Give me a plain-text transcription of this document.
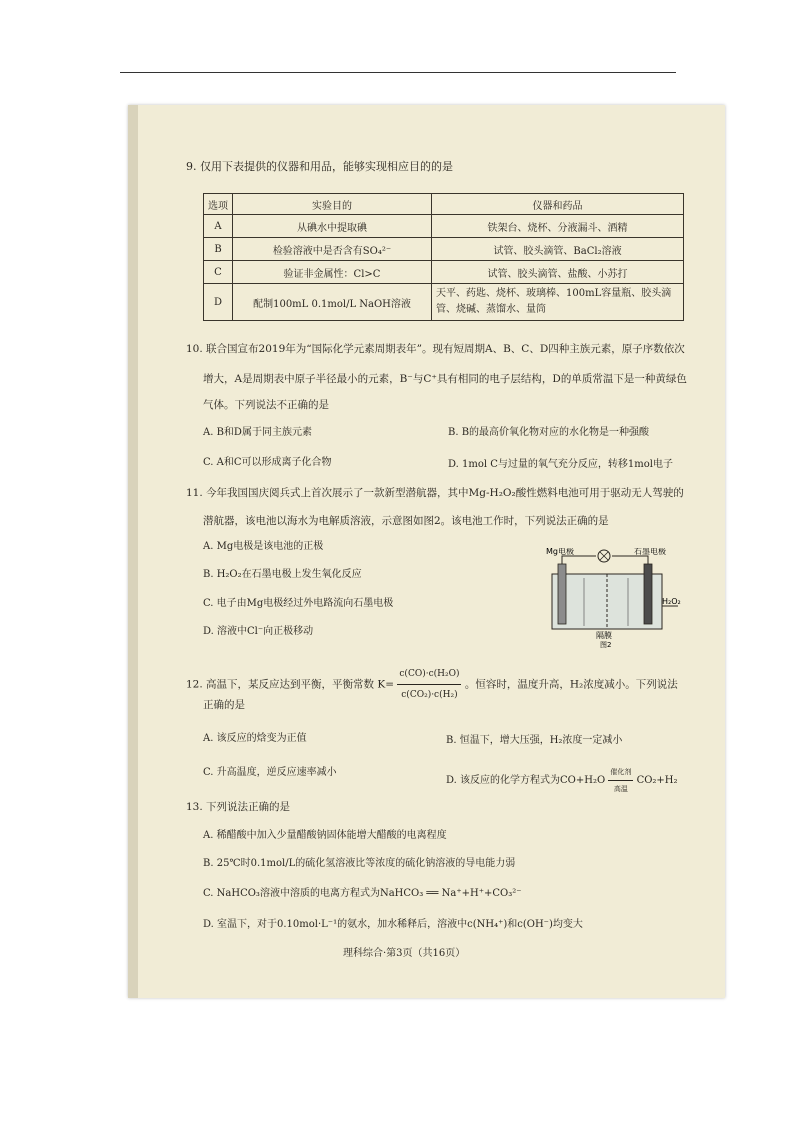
9. 仅用下表提供的仪器和用品，能够实现相应目的的是
选项	实验目的	仪器和药品
A	从碘水中提取碘	铁架台、烧杯、分液漏斗、酒精
B	检验溶液中是否含有SO₄²⁻	试管、胶头滴管、BaCl₂溶液
C	验证非金属性：Cl>C	试管、胶头滴管、盐酸、小苏打
D	配制100mL 0.1mol/L NaOH溶液	天平、药匙、烧杯、玻璃棒、100mL容量瓶、胶头滴管、烧碱、蒸馏水、量筒
10. 联合国宣布2019年为“国际化学元素周期表年”。现有短周期A、B、C、D四种主族元素，原子序数依次
增大，A是周期表中原子半径最小的元素，B⁻与C⁺具有相同的电子层结构，D的单质常温下是一种黄绿色
气体。下列说法不正确的是
A. B和D属于同主族元素	B. B的最高价氧化物对应的水化物是一种强酸
C. A和C可以形成离子化合物	D. 1mol C与过量的氧气充分反应，转移1mol电子
11. 今年我国国庆阅兵式上首次展示了一款新型潜航器，其中Mg-H₂O₂酸性燃料电池可用于驱动无人驾驶的
潜航器，该电池以海水为电解质溶液，示意图如图2。该电池工作时，下列说法正确的是
A. Mg电极是该电池的正极
B. H₂O₂在石墨电极上发生氧化反应
C. 电子由Mg电极经过外电路流向石墨电极
D. 溶液中Cl⁻向正极移动
Mg电极	石墨电极
H₂O₂
隔膜
图2
12. 高温下，某反应达到平衡，平衡常数 $K= \frac{\text{c(CO)·c(H₂O)}}{\text{c(CO₂)·c(H₂)}}$ 。恒容时，温度升高，H₂浓度减小。下列说法
正确的是
A. 该反应的焓变为正值	B. 恒温下，增大压强，H₂浓度一定减小
C. 升高温度，逆反应速率减小
D. 该反应的化学方程式为$CO+H_2O \frac{\text{催化剂}}{\text{高温}} CO_2+H_2$
13. 下列说法正确的是
A. 稀醋酸中加入少量醋酸钠固体能增大醋酸的电离程度
B. 25℃时0.1mol/L的硫化氢溶液比等浓度的硫化钠溶液的导电能力弱
C. NaHCO₃溶液中溶质的电离方程式为NaHCO₃ ══ Na⁺+H⁺+CO₃²⁻
D. 室温下，对于0.10mol·L⁻¹的氨水，加水稀释后，溶液中c(NH₄⁺)和c(OH⁻)均变大
理科综合·第3页（共16页）
